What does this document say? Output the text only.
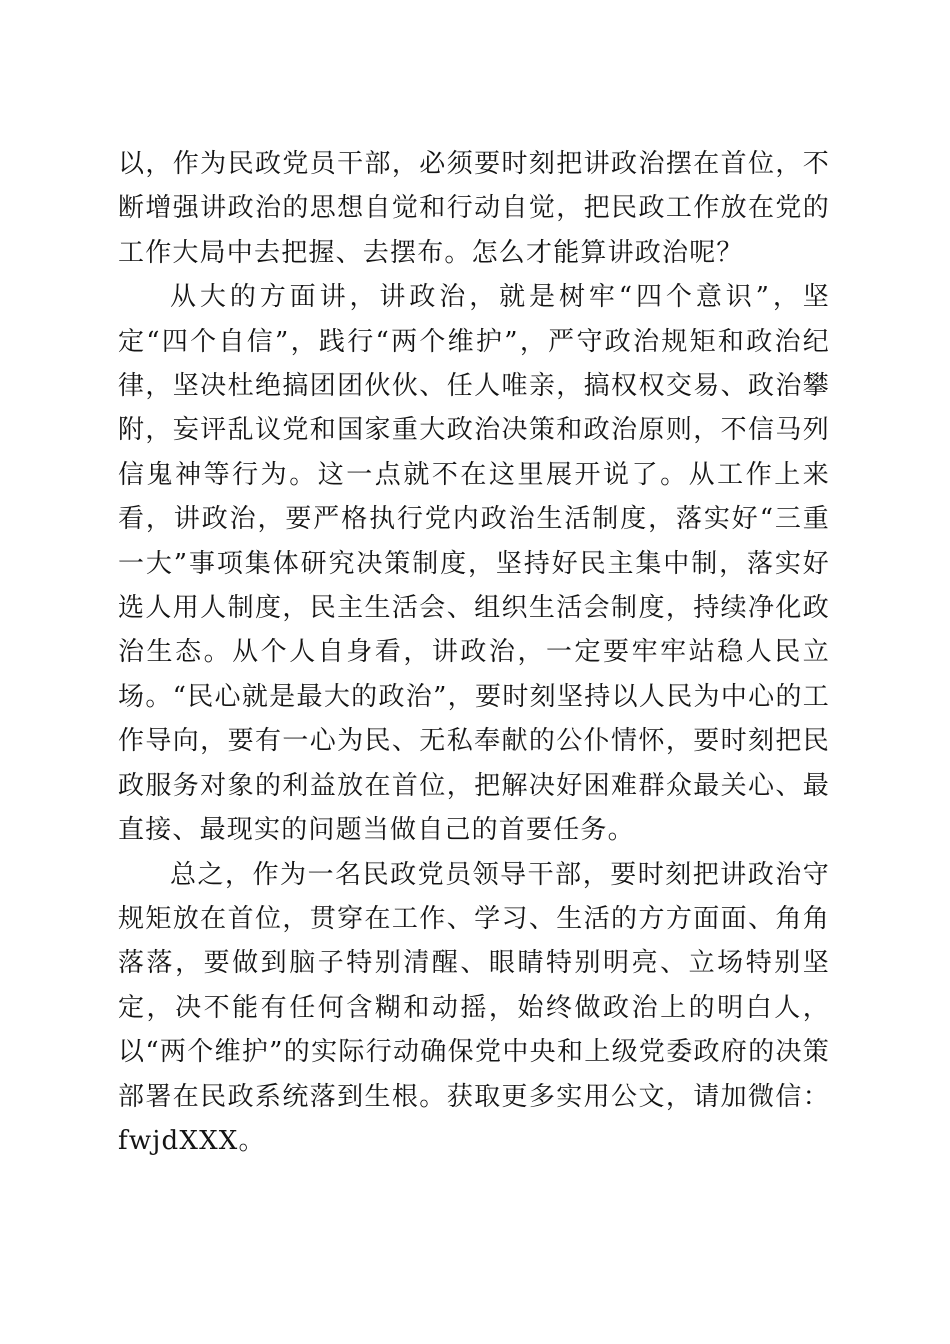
以，作为民政党员干部，必须要时刻把讲政治摆在首位，不断增强讲政治的思想自觉和行动自觉，把民政工作放在党的工作大局中去把握、去摆布。怎么才能算讲政治呢？

从大的方面讲，讲政治，就是树牢“四个意识”，坚定“四个自信”，践行“两个维护”，严守政治规矩和政治纪律，坚决杜绝搞团团伙伙、任人唯亲，搞权权交易、政治攀附，妄评乱议党和国家重大政治决策和政治原则，不信马列信鬼神等行为。这一点就不在这里展开说了。从工作上来看，讲政治，要严格执行党内政治生活制度，落实好“三重一大”事项集体研究决策制度，坚持好民主集中制，落实好选人用人制度，民主生活会、组织生活会制度，持续净化政治生态。从个人自身看，讲政治，一定要牢牢站稳人民立场。“民心就是最大的政治”，要时刻坚持以人民为中心的工作导向，要有一心为民、无私奉献的公仆情怀，要时刻把民政服务对象的利益放在首位，把解决好困难群众最关心、最直接、最现实的问题当做自己的首要任务。

总之，作为一名民政党员领导干部，要时刻把讲政治守规矩放在首位，贯穿在工作、学习、生活的方方面面、角角落落，要做到脑子特别清醒、眼睛特别明亮、立场特别坚定，决不能有任何含糊和动摇，始终做政治上的明白人，以“两个维护”的实际行动确保党中央和上级党委政府的决策部署在民政系统落到生根。获取更多实用公文，请加微信：fwjdXXX。
